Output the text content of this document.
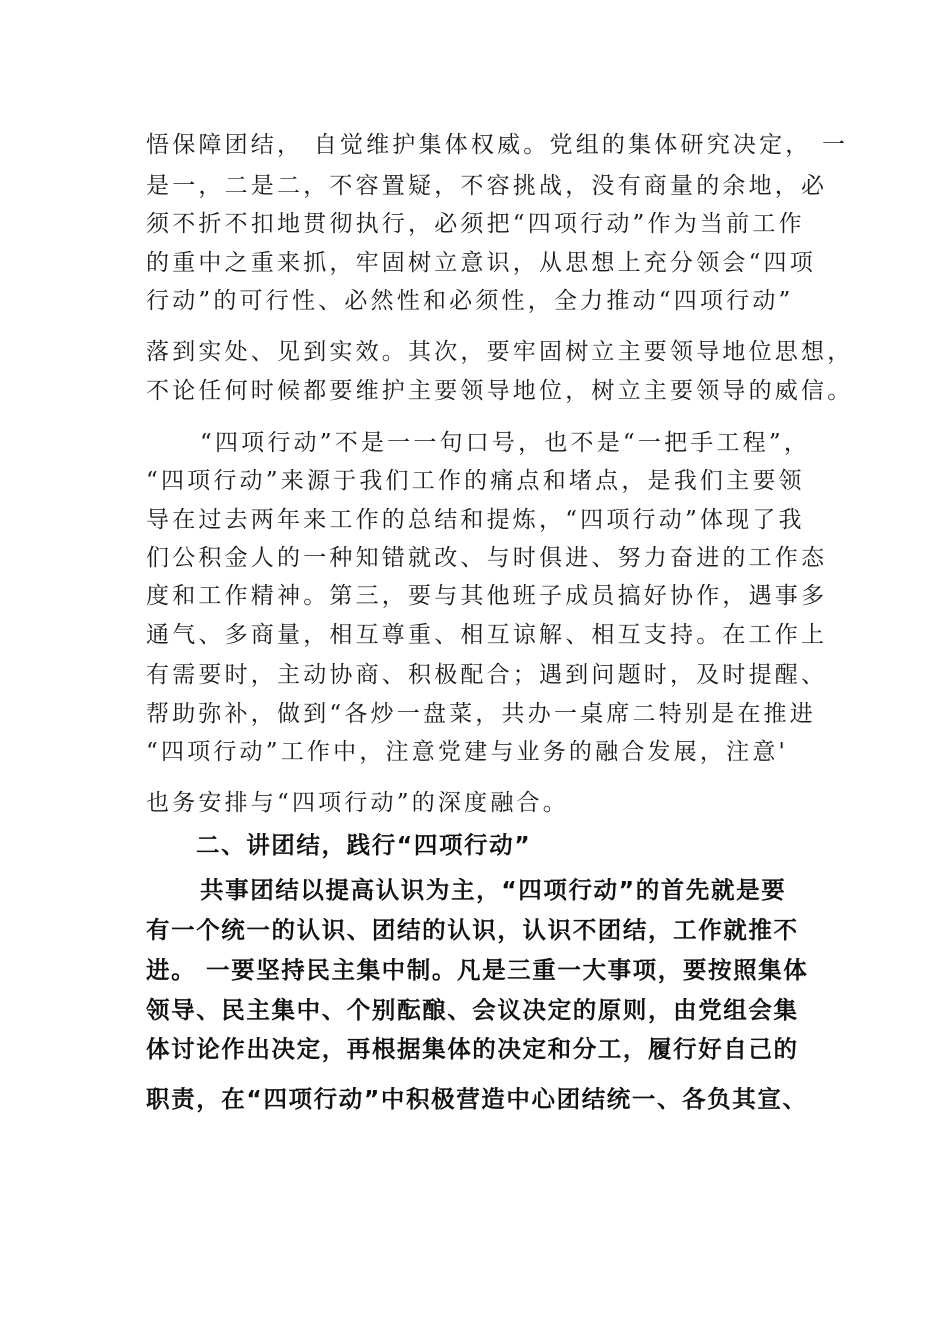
悟保障团结， 自觉维护集体权威。党组的集体研究决定， 一
是一，二是二，不容置疑，不容挑战，没有商量的余地，必
须不折不扣地贯彻执行，必须把“四项行动”作为当前工作
的重中之重来抓，牢固树立意识，从思想上充分领会“四项
行动”的可行性、必然性和必须性，全力推动“四项行动”
落到实处、见到实效。其次，要牢固树立主要领导地位思想，
不论任何时候都要维护主要领导地位，树立主要领导的威信。
“四项行动”不是一一句口号，也不是“一把手工程”，
“四项行动”来源于我们工作的痛点和堵点，是我们主要领
导在过去两年来工作的总结和提炼，“四项行动”体现了我
们公积金人的一种知错就改、与时俱进、努力奋进的工作态
度和工作精神。第三，要与其他班子成员搞好协作，遇事多
通气、多商量，相互尊重、相互谅解、相互支持。在工作上
有需要时，主动协商、积极配合；遇到问题时，及时提醒、
帮助弥补，做到“各炒一盘菜，共办一桌席二特别是在推进
“四项行动”工作中，注意党建与业务的融合发展，注意'
也务安排与“四项行动”的深度融合。
二、讲团结，践行“四项行动”
共事团结以提高认识为主，“四项行动”的首先就是要
有一个统一的认识、团结的认识，认识不团结，工作就推不
进。 一要坚持民主集中制。凡是三重一大事项，要按照集体
领导、民主集中、个别酝酿、会议决定的原则，由党组会集
体讨论作出决定，再根据集体的决定和分工，履行好自己的
职责，在“四项行动”中积极营造中心团结统一、各负其宣、
